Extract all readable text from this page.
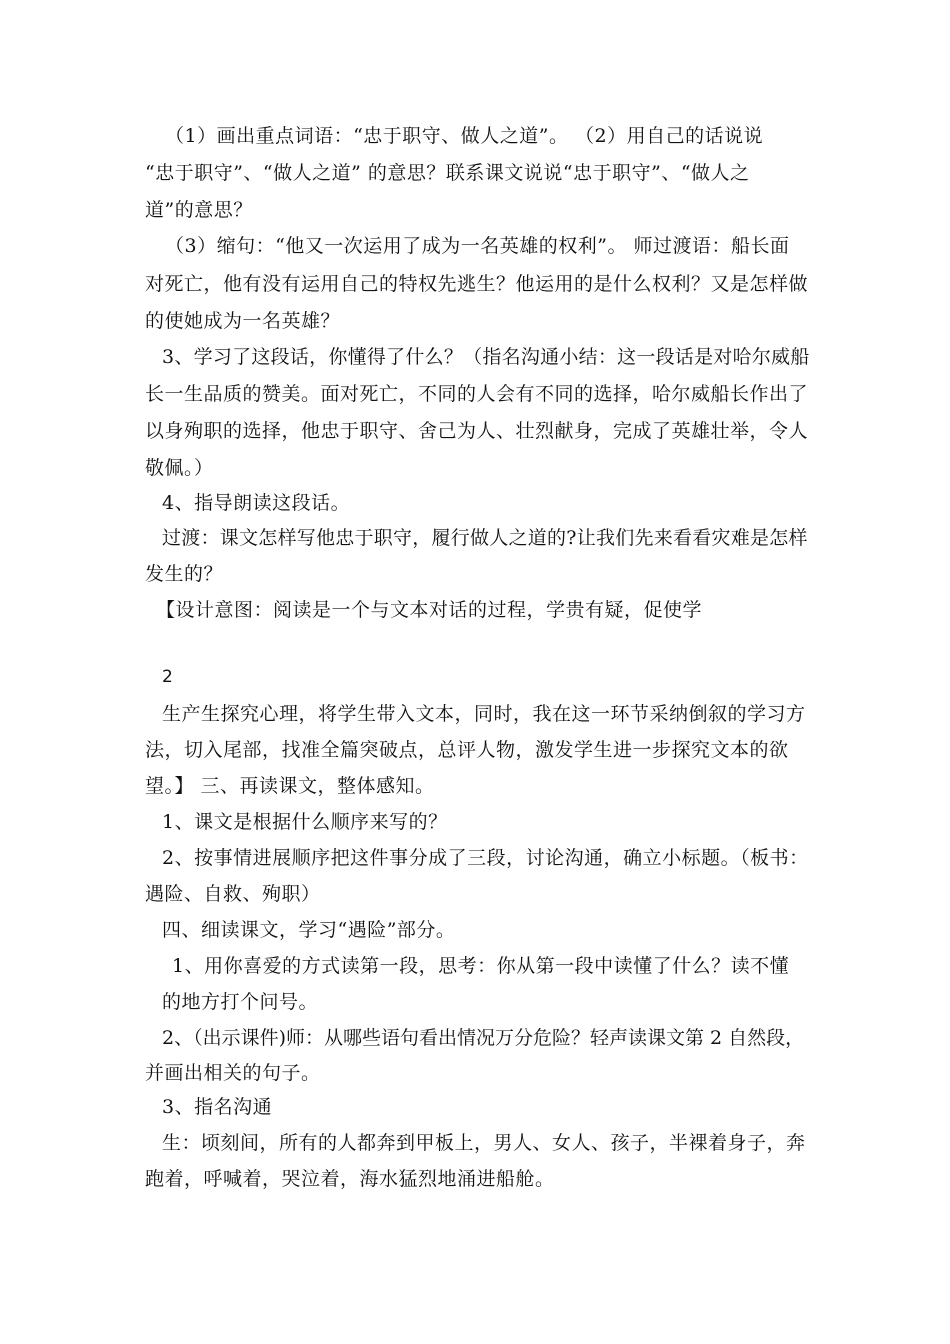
（1）画出重点词语：“忠于职守、做人之道”。 （2）用自己的话说说
“忠于职守”、“做人之道” 的意思？联系课文说说“忠于职守”、“做人之
道”的意思？
（3）缩句：“他又一次运用了成为一名英雄的权利”。 师过渡语：船长面
对死亡，他有没有运用自己的特权先逃生？他运用的是什么权利？又是怎样做
的使她成为一名英雄？
3、学习了这段话，你懂得了什么？（指名沟通小结：这一段话是对哈尔威船
长一生品质的赞美。面对死亡，不同的人会有不同的选择，哈尔威船长作出了
以身殉职的选择，他忠于职守、舍己为人、壮烈献身，完成了英雄壮举，令人
敬佩。）
4、指导朗读这段话。
过渡：课文怎样写他忠于职守，履行做人之道的?让我们先来看看灾难是怎样
发生的？
【设计意图：阅读是一个与文本对话的过程，学贵有疑，促使学
2
生产生探究心理，将学生带入文本，同时，我在这一环节采纳倒叙的学习方
法，切入尾部，找准全篇突破点，总评人物，激发学生进一步探究文本的欲
望。】 三、再读课文，整体感知。
1、课文是根据什么顺序来写的？
2、按事情进展顺序把这件事分成了三段，讨论沟通，确立小标题。（板书：
遇险、自救、殉职）
四、细读课文，学习“遇险”部分。
1、用你喜爱的方式读第一段，思考：你从第一段中读懂了什么？读不懂
的地方打个问号。
2、（出示课件)师：从哪些语句看出情况万分危险？轻声读课文第 2 自然段，
并画出相关的句子。
3、指名沟通
生：顷刻间，所有的人都奔到甲板上，男人、女人、孩子，半裸着身子，奔
跑着，呼喊着，哭泣着，海水猛烈地涌进船舱。
